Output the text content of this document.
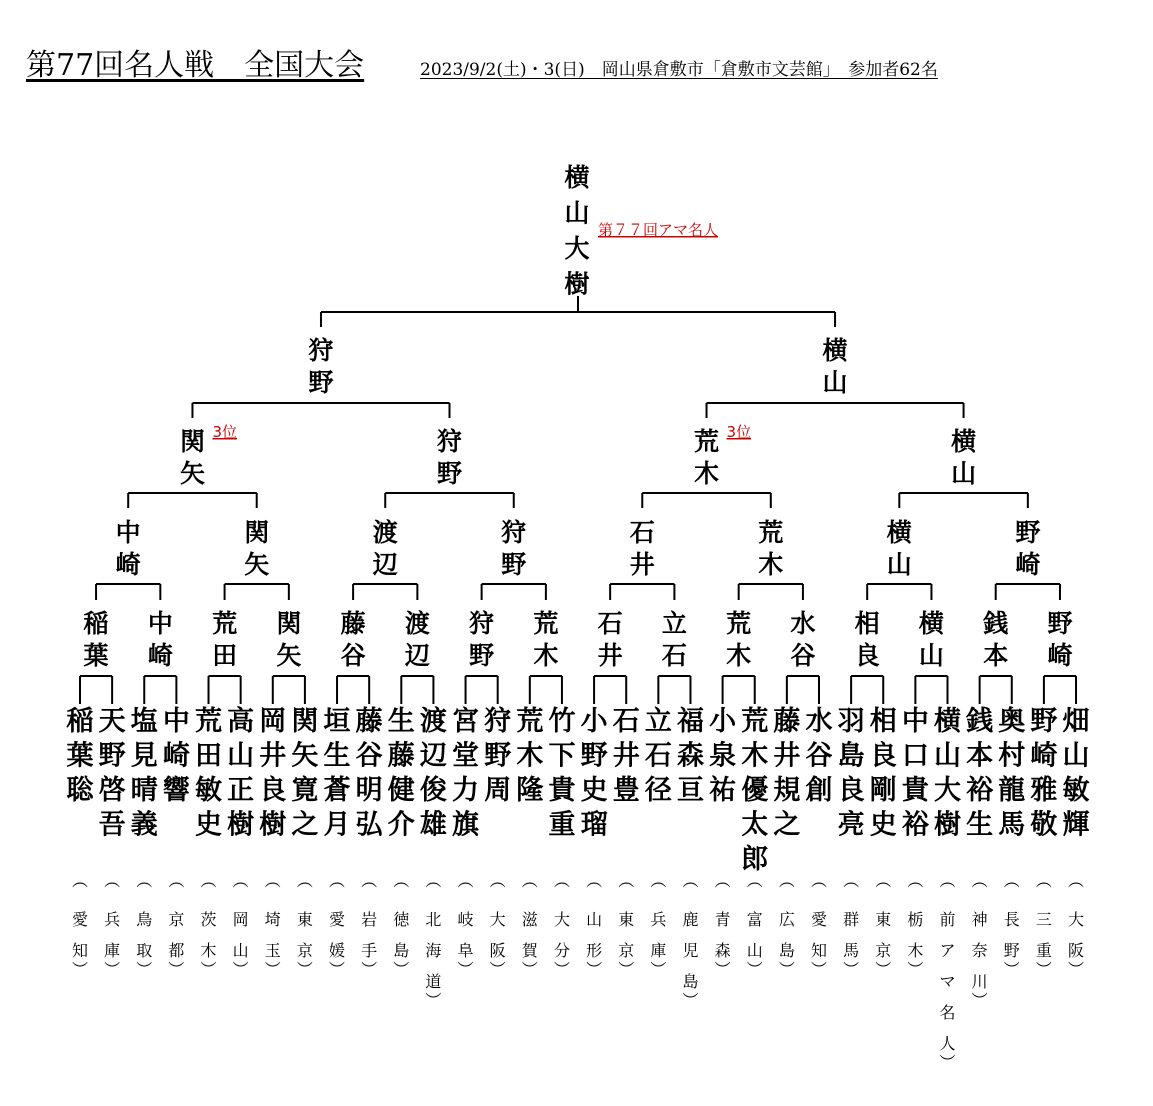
第77回名人戦　全国大会	2023/9/2(土)・3(日)　岡山県倉敷市「倉敷市文芸館」　参加者62名
稲
葉
聡
︵
愛
知
︶
天
野
啓
吾
︵
兵
庫
︶
塩
見
晴
義
︵
鳥
取
︶
中
崎
響
︵
京
都
︶
荒
田
敏
史
︵
茨
木
︶
高
山
正
樹
︵
岡
山
︶
岡
井
良
樹
︵
埼
玉
︶
関
矢
寛
之
︵
東
京
︶
垣
生
蒼
月
︵
愛
媛
︶
藤
谷
明
弘
︵
岩
手
︶
生
藤
健
介
︵
徳
島
︶
渡
辺
俊
雄
︵
北
海
道
︶
宮
堂
力
旗
︵
岐
阜
︶
狩
野
周
︵
大
阪
︶
荒
木
隆
︵
滋
賀
︶
竹
下
貴
重
︵
大
分
︶
小
野
史
瑠
︵
山
形
︶
石
井
豊
︵
東
京
︶
立
石
径
︵
兵
庫
︶
福
森
亘
︵
鹿
児
島
︶
小
泉
祐
︵
青
森
︶
荒
木
優
太
郎
︵
富
山
︶
藤
井
規
之
︵
広
島
︶
水
谷
創
︵
愛
知
︶
羽
島
良
亮
︵
群
馬
︶
相
良
剛
史
︵
東
京
︶
中
口
貴
裕
︵
栃
木
︶
横
山
大
樹
︵
前
ア
マ
名
人
︶
銭
本
裕
生
︵
神
奈
川
︶
奥
村
龍
馬
︵
長
野
︶
野
崎
雅
敬
︵
三
重
︶
畑
山
敏
輝
︵
大
阪
︶
稲
葉
中
崎
荒
田
関
矢
藤
谷
渡
辺
狩
野
荒
木
石
井
立
石
荒
木
水
谷
相
良
横
山
銭
本
野
崎
中
崎
関
矢
渡
辺
狩
野
石
井
荒
木
横
山
野
崎
関
矢
狩
野
荒
木
横
山
3位	3位
狩
野
横
山
横
山
大
樹
第７７回アマ名人
